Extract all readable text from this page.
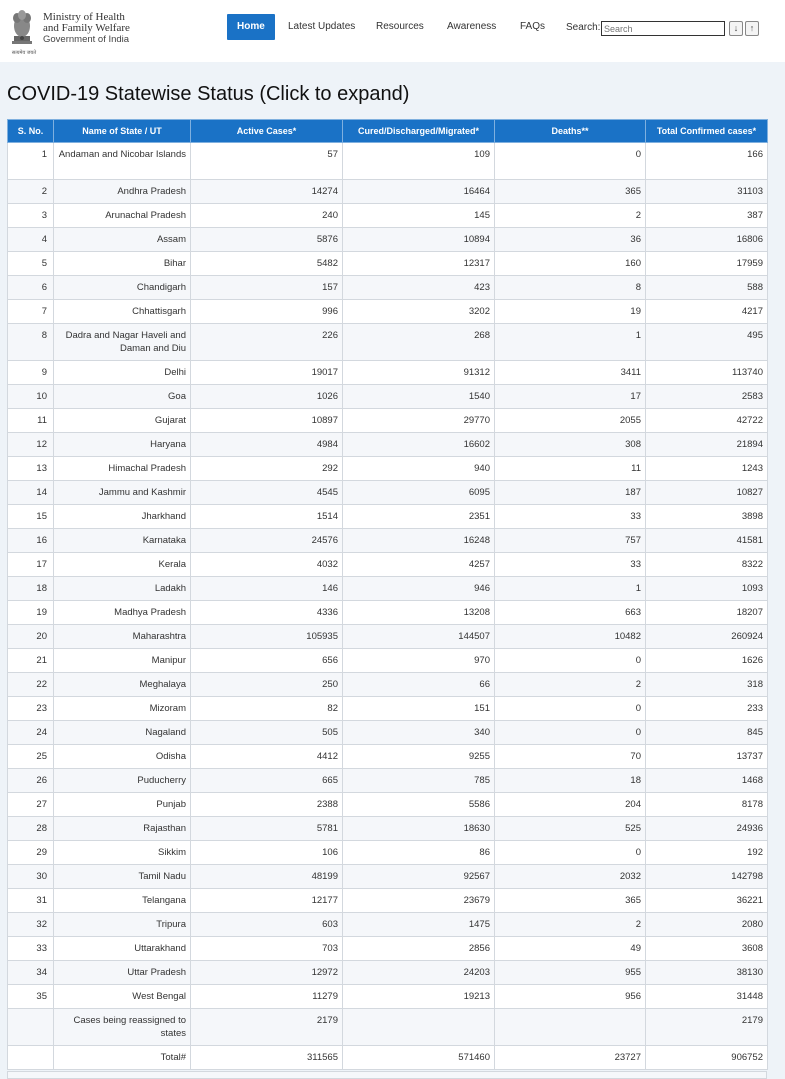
सत्यमेव जयते
Ministry of Health
and Family Welfare
Government of India
Home	Latest Updates Resources Awareness FAQs Search:
Search	↓	↑
COVID-19 Statewise Status (Click to expand)
S. No.	Name of State / UT	Active Cases*	Cured/Discharged/Migrated*	Deaths**	Total Confirmed cases*
1	Andaman and Nicobar Islands	57	109	0	166
2	Andhra Pradesh	14274	16464	365	31103
3	Arunachal Pradesh	240	145	2	387
4	Assam	5876	10894	36	16806
5	Bihar	5482	12317	160	17959
6	Chandigarh	157	423	8	588
7	Chhattisgarh	996	3202	19	4217
8	Dadra and Nagar Haveli and Daman and Diu	226	268	1	495
9	Delhi	19017	91312	3411	113740
10	Goa	1026	1540	17	2583
11	Gujarat	10897	29770	2055	42722
12	Haryana	4984	16602	308	21894
13	Himachal Pradesh	292	940	11	1243
14	Jammu and Kashmir	4545	6095	187	10827
15	Jharkhand	1514	2351	33	3898
16	Karnataka	24576	16248	757	41581
17	Kerala	4032	4257	33	8322
18	Ladakh	146	946	1	1093
19	Madhya Pradesh	4336	13208	663	18207
20	Maharashtra	105935	144507	10482	260924
21	Manipur	656	970	0	1626
22	Meghalaya	250	66	2	318
23	Mizoram	82	151	0	233
24	Nagaland	505	340	0	845
25	Odisha	4412	9255	70	13737
26	Puducherry	665	785	18	1468
27	Punjab	2388	5586	204	8178
28	Rajasthan	5781	18630	525	24936
29	Sikkim	106	86	0	192
30	Tamil Nadu	48199	92567	2032	142798
31	Telangana	12177	23679	365	36221
32	Tripura	603	1475	2	2080
33	Uttarakhand	703	2856	49	3608
34	Uttar Pradesh	12972	24203	955	38130
35	West Bengal	11279	19213	956	31448
	Cases being reassigned to states	2179			2179
	Total#	311565	571460	23727	906752
